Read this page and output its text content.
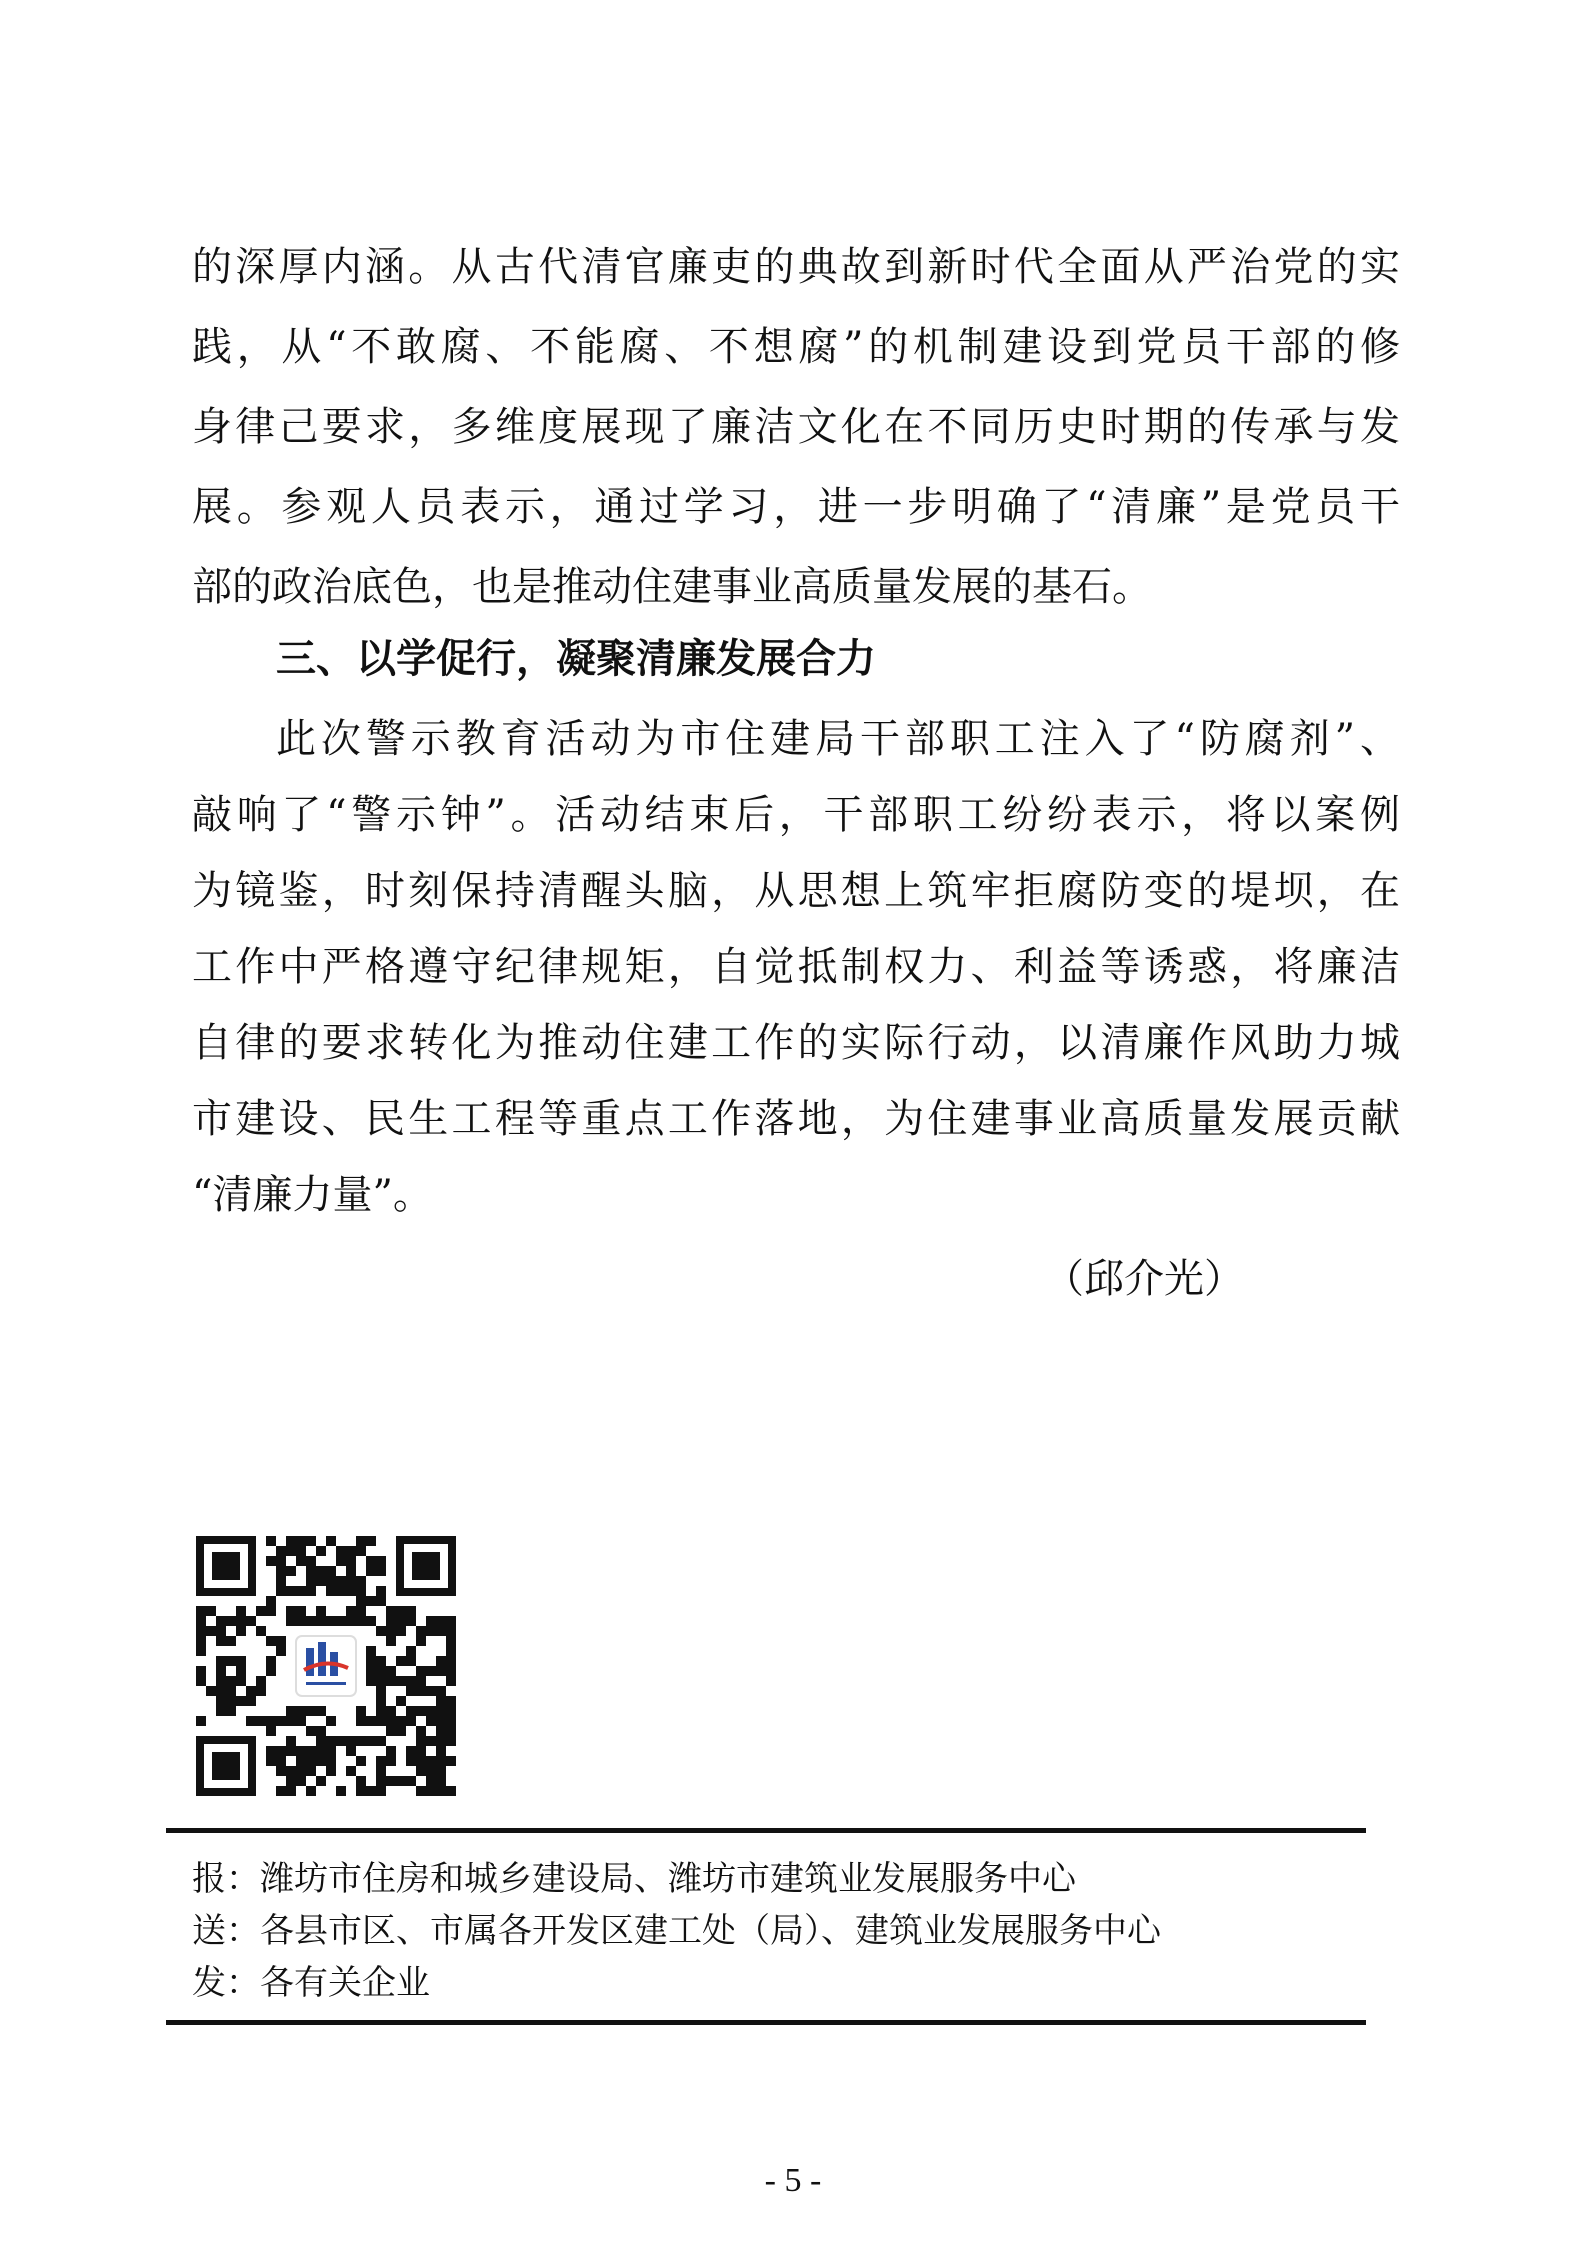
的深厚内涵。从古代清官廉吏的典故到新时代全面从严治党的实
践，从“不敢腐、不能腐、不想腐”的机制建设到党员干部的修
身律己要求，多维度展现了廉洁文化在不同历史时期的传承与发
展。参观人员表示，通过学习，进一步明确了“清廉”是党员干
部的政治底色，也是推动住建事业高质量发展的基石。
三、以学促行，凝聚清廉发展合力
此次警示教育活动为市住建局干部职工注入了“防腐剂”、
敲响了“警示钟”。活动结束后，干部职工纷纷表示，将以案例
为镜鉴，时刻保持清醒头脑，从思想上筑牢拒腐防变的堤坝，在
工作中严格遵守纪律规矩，自觉抵制权力、利益等诱惑，将廉洁
自律的要求转化为推动住建工作的实际行动，以清廉作风助力城
市建设、民生工程等重点工作落地，为住建事业高质量发展贡献
“清廉力量”。
（邱介光）
报：潍坊市住房和城乡建设局、潍坊市建筑业发展服务中心
送：各县市区、市属各开发区建工处（局）、建筑业发展服务中心
发：各有关企业
- 5 -
